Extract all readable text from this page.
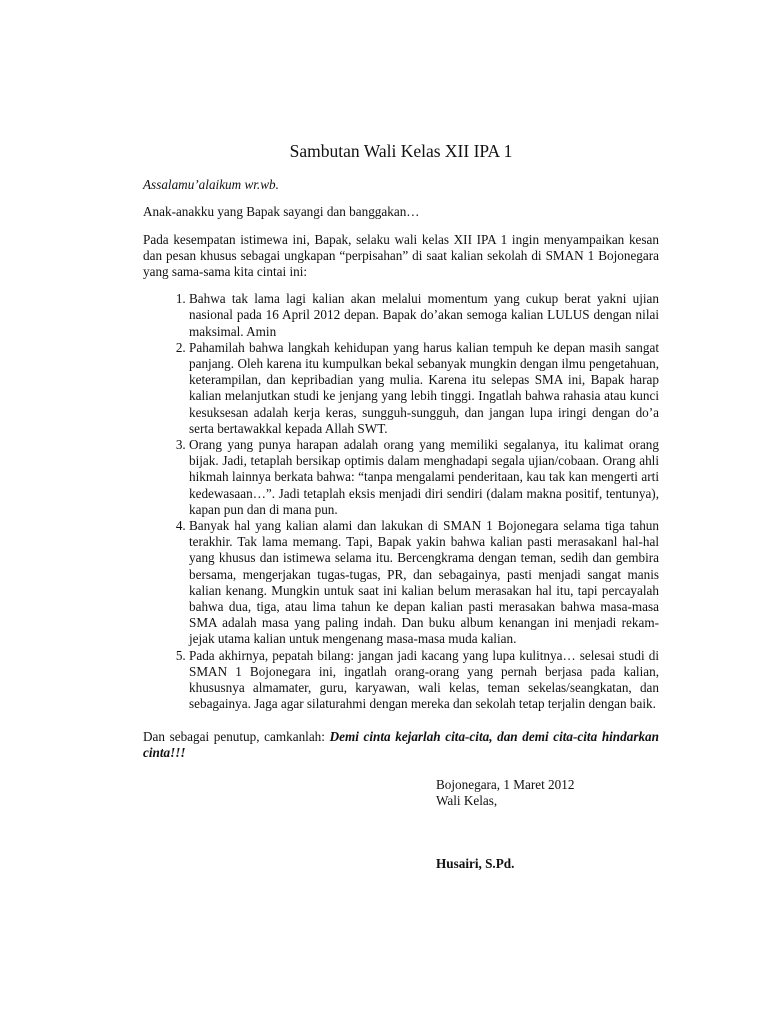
Sambutan Wali Kelas XII IPA 1
Assalamu’alaikum wr.wb.
Anak-anakku yang Bapak sayangi dan banggakan…
Pada kesempatan istimewa ini, Bapak, selaku wali kelas XII IPA 1 ingin menyampaikan kesan dan pesan khusus sebagai ungkapan “perpisahan” di saat kalian sekolah di SMAN 1 Bojonegara yang sama-sama kita cintai ini:
1. Bahwa tak lama lagi kalian akan melalui momentum yang cukup berat yakni ujian nasional pada 16 April 2012 depan. Bapak do’akan semoga kalian LULUS dengan nilai maksimal. Amin
2. Pahamilah bahwa langkah kehidupan yang harus kalian tempuh ke depan masih sangat panjang. Oleh karena itu kumpulkan bekal sebanyak mungkin dengan ilmu pengetahuan, keterampilan, dan kepribadian yang mulia. Karena itu selepas SMA ini, Bapak harap kalian melanjutkan studi ke jenjang yang lebih tinggi. Ingatlah bahwa rahasia atau kunci kesuksesan adalah kerja keras, sungguh-sungguh, dan jangan lupa iringi dengan do’a serta bertawakkal kepada Allah SWT.
3. Orang yang punya harapan adalah orang yang memiliki segalanya, itu kalimat orang bijak. Jadi, tetaplah bersikap optimis dalam menghadapi segala ujian/cobaan. Orang ahli hikmah lainnya berkata bahwa: “tanpa mengalami penderitaan, kau tak kan mengerti arti kedewasaan…”. Jadi tetaplah eksis menjadi diri sendiri (dalam makna positif, tentunya), kapan pun dan di mana pun.
4. Banyak hal yang kalian alami dan lakukan di SMAN 1 Bojonegara selama tiga tahun terakhir. Tak lama memang. Tapi, Bapak yakin bahwa kalian pasti merasakanl hal-hal yang khusus dan istimewa selama itu. Bercengkrama dengan teman, sedih dan gembira bersama, mengerjakan tugas-tugas, PR, dan sebagainya, pasti menjadi sangat manis kalian kenang. Mungkin untuk saat ini kalian belum merasakan hal itu, tapi percayalah bahwa dua, tiga, atau lima tahun ke depan kalian pasti merasakan bahwa masa-masa SMA adalah masa yang paling indah. Dan buku album kenangan ini menjadi rekam-jejak utama kalian untuk mengenang masa-masa muda kalian.
5. Pada akhirnya, pepatah bilang: jangan jadi kacang yang lupa kulitnya… selesai studi di SMAN 1 Bojonegara ini, ingatlah orang-orang yang pernah berjasa pada kalian, khususnya almamater, guru, karyawan, wali kelas, teman sekelas/seangkatan, dan sebagainya. Jaga agar silaturahmi dengan mereka dan sekolah tetap terjalin dengan baik.
Dan sebagai penutup, camkanlah: Demi cinta kejarlah cita-cita, dan demi cita-cita hindarkan cinta!!!
Bojonegara, 1 Maret 2012
Wali Kelas,
Husairi, S.Pd.
